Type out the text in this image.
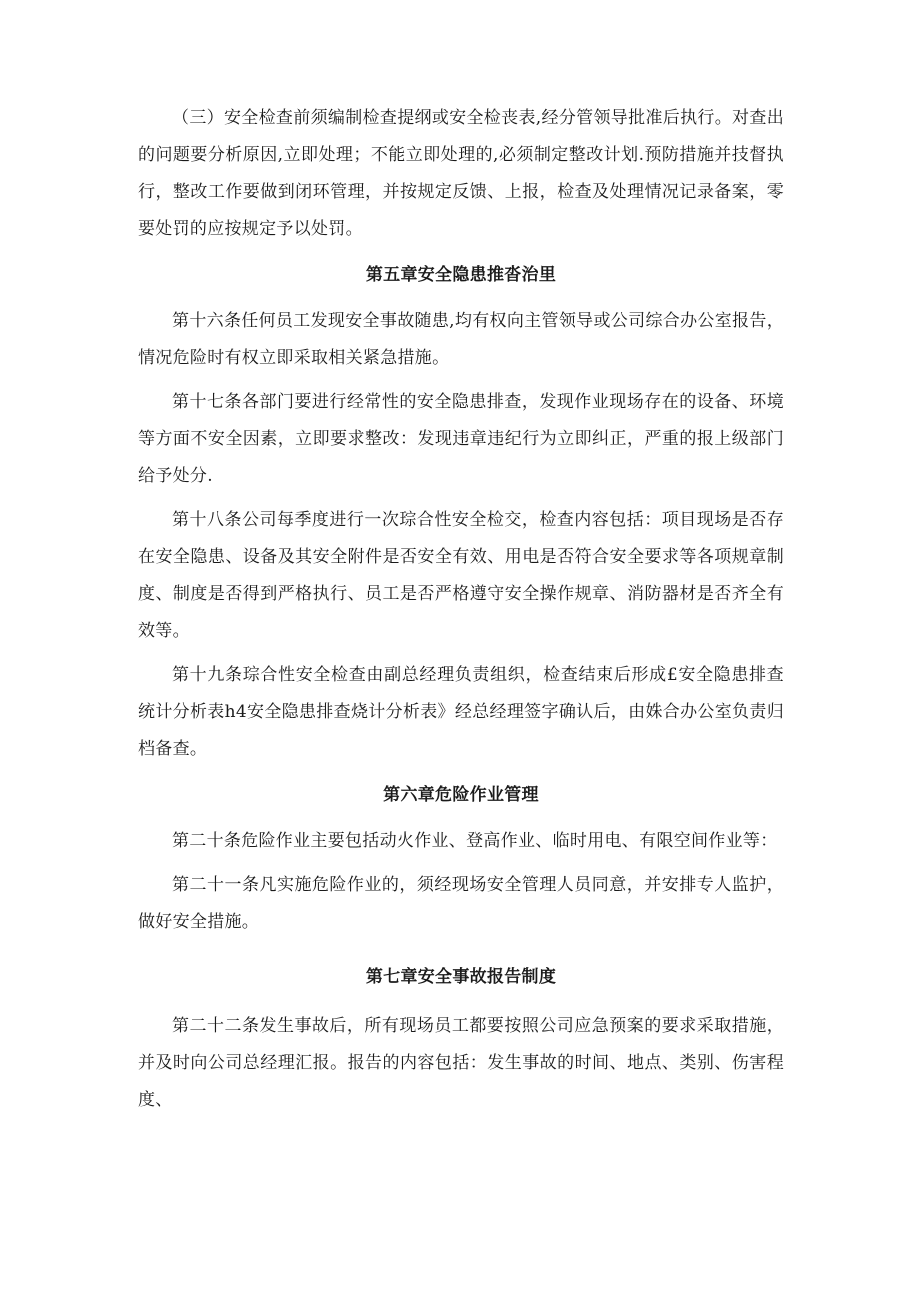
（三）安全检查前须编制检查提纲或安全检丧表,经分管领导批准后执行。对查出的问题要分析原因,立即处理；不能立即处理的,必须制定整改计划.预防措施并技督执行，整改工作要做到闭环管理，并按规定反馈、上报，检查及处理情况记录备案，零要处罚的应按规定予以处罚。

第五章安全隐患推沓治里

第十六条任何员工发现安全事故随患,均有权向主管领导或公司综合办公室报告，情况危险时有权立即采取相关紧急措施。

第十七条各部门要进行经常性的安全隐患排查，发现作业现场存在的设备、环境等方面不安全因素，立即要求整改：发现违章违纪行为立即纠正，严重的报上级部门给予处分.

第十八条公司每季度进行一次琮合性安全检交，检查内容包括：项目现场是否存在安全隐患、设备及其安全附件是否安全有效、用电是否符合安全要求等各项规章制度、制度是否得到严格执行、员工是否严格遵守安全操作规章、消防器材是否齐全有效等。

第十九条琮合性安全检查由副总经理负责组织，检查结束后形成£安全隐患排查统计分析表h4安全隐患排查烧计分析表》经总经理签字确认后，由姝合办公室负责归档备查。

第六章危险作业管理

第二十条危险作业主要包括动火作业、登高作业、临时用电、有限空间作业等：

第二十一条凡实施危险作业的，须经现场安全管理人员同意，并安排专人监护，做好安全措施。

第七章安全事故报告制度

第二十二条发生事故后，所有现场员工都要按照公司应急预案的要求采取措施，并及时向公司总经理汇报。报告的内容包括：发生事故的时间、地点、类别、伤害程度、
